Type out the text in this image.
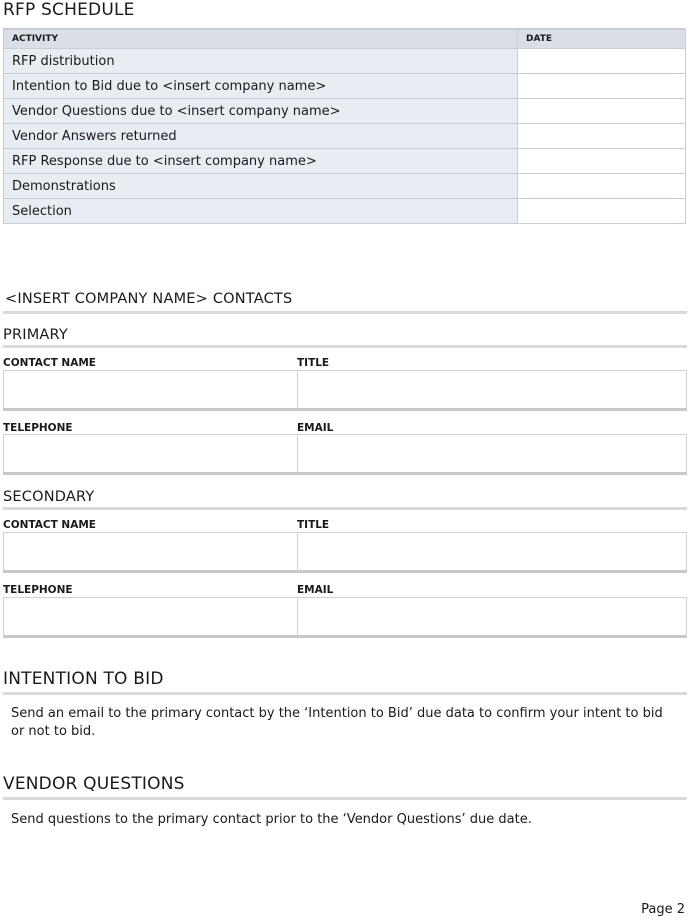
RFP SCHEDULE
ACTIVITY	DATE
RFP distribution	
Intention to Bid due to <insert company name>	
Vendor Questions due to <insert company name>	
Vendor Answers returned	
RFP Response due to <insert company name>	
Demonstrations	
Selection	
<INSERT COMPANY NAME> CONTACTS
PRIMARY
CONTACT NAME	TITLE
TELEPHONE	EMAIL
SECONDARY
CONTACT NAME	TITLE
TELEPHONE	EMAIL
INTENTION TO BID
Send an email to the primary contact by the ‘Intention to Bid’ due data to confirm your intent to bid or not to bid.
VENDOR QUESTIONS
Send questions to the primary contact prior to the ‘Vendor Questions’ due date.
Page 2
